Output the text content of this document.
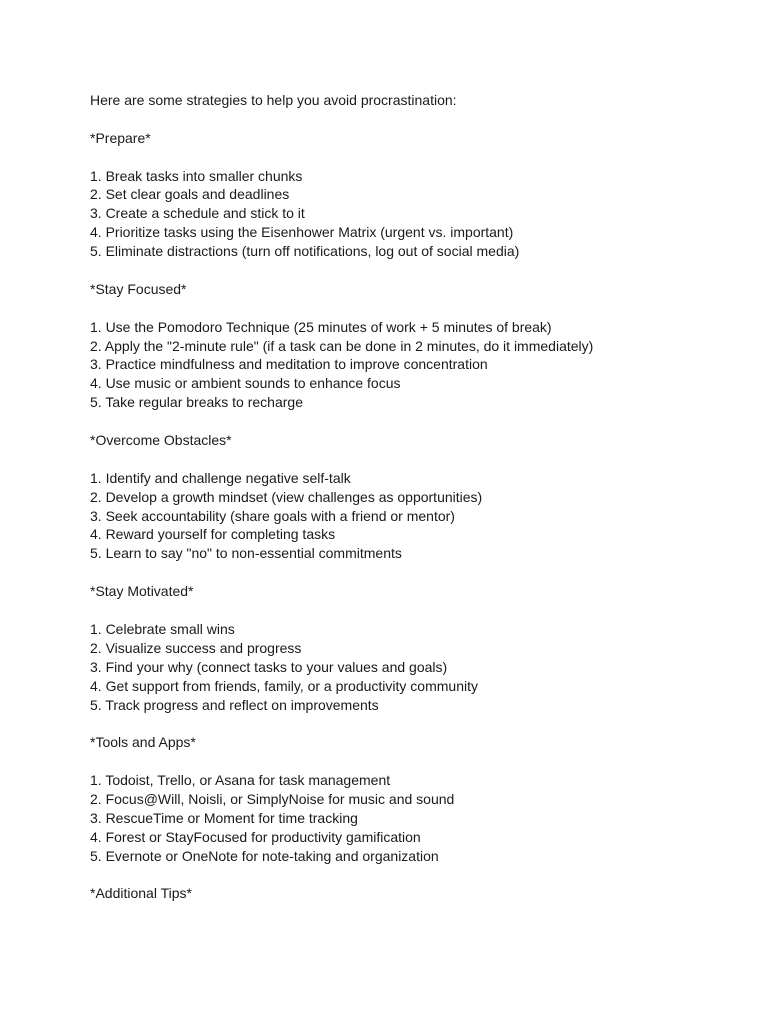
Here are some strategies to help you avoid procrastination:
*Prepare*
1. Break tasks into smaller chunks
2. Set clear goals and deadlines
3. Create a schedule and stick to it
4. Prioritize tasks using the Eisenhower Matrix (urgent vs. important)
5. Eliminate distractions (turn off notifications, log out of social media)
*Stay Focused*
1. Use the Pomodoro Technique (25 minutes of work + 5 minutes of break)
2. Apply the "2-minute rule" (if a task can be done in 2 minutes, do it immediately)
3. Practice mindfulness and meditation to improve concentration
4. Use music or ambient sounds to enhance focus
5. Take regular breaks to recharge
*Overcome Obstacles*
1. Identify and challenge negative self-talk
2. Develop a growth mindset (view challenges as opportunities)
3. Seek accountability (share goals with a friend or mentor)
4. Reward yourself for completing tasks
5. Learn to say "no" to non-essential commitments
*Stay Motivated*
1. Celebrate small wins
2. Visualize success and progress
3. Find your why (connect tasks to your values and goals)
4. Get support from friends, family, or a productivity community
5. Track progress and reflect on improvements
*Tools and Apps*
1. Todoist, Trello, or Asana for task management
2. Focus@Will, Noisli, or SimplyNoise for music and sound
3. RescueTime or Moment for time tracking
4. Forest or StayFocused for productivity gamification
5. Evernote or OneNote for note-taking and organization
*Additional Tips*
